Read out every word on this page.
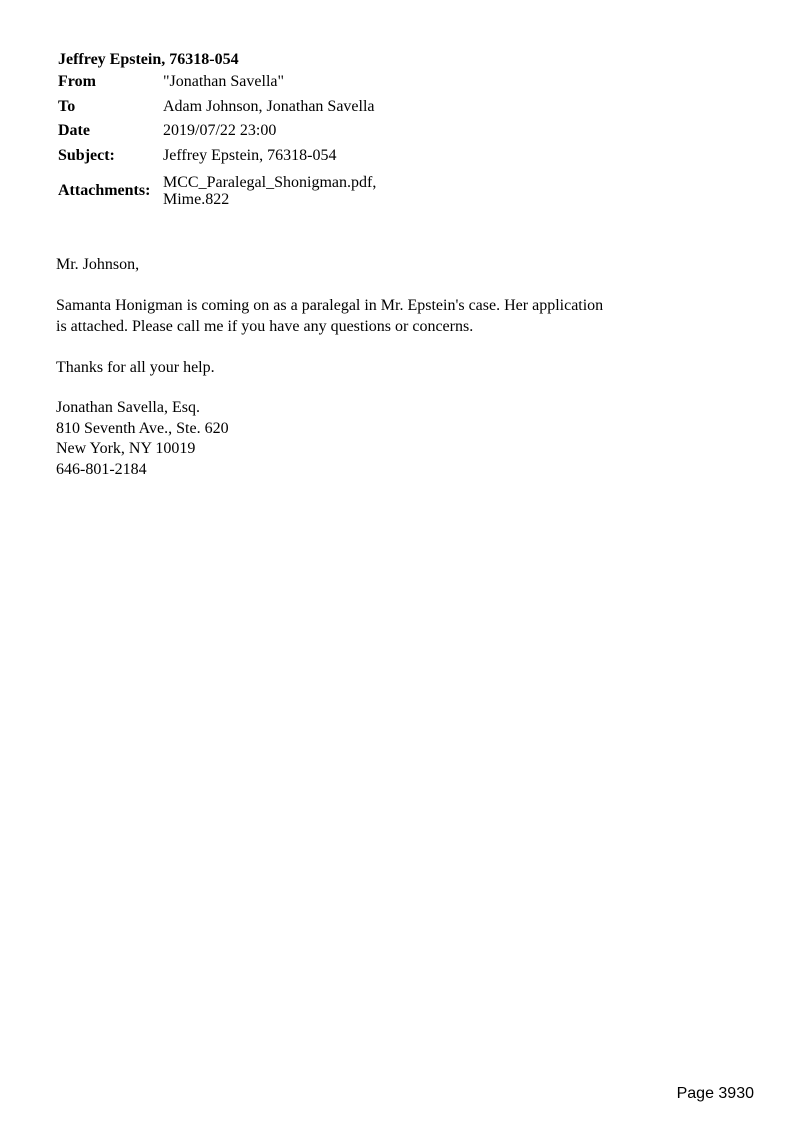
Jeffrey Epstein, 76318-054
From	"Jonathan Savella"
To	Adam Johnson, Jonathan Savella
Date	2019/07/22 23:00
Subject:	Jeffrey Epstein, 76318-054
Attachments:	MCC_Paralegal_Shonigman.pdf,
Mime.822

Mr. Johnson,

Samanta Honigman is coming on as a paralegal in Mr. Epstein's case. Her application is attached. Please call me if you have any questions or concerns.

Thanks for all your help.

Jonathan Savella, Esq.
810 Seventh Ave., Ste. 620
New York, NY 10019
646-801-2184
Page 3930
